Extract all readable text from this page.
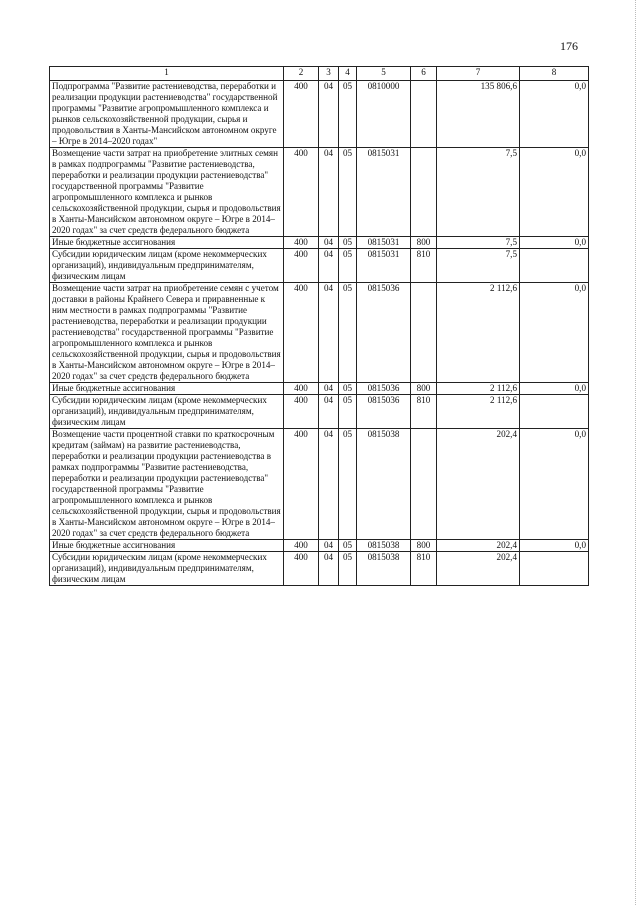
176
1	2	3	4	5	6	7	8
Подпрограмма "Развитие растениеводства, переработки и реализации продукции растениеводства" государственной программы "Развитие агропромышленного комплекса и рынков сельскохозяйственной продукции, сырья и продовольствия в Ханты-Мансийском автономном округе – Югре в 2014–2020 годах"	400	04	05	0810000		135 806,6	0,0
Возмещение части затрат на приобретение элитных семян в рамках подпрограммы "Развитие растениеводства, переработки и реализации продукции растениеводства" государственной программы "Развитие агропромышленного комплекса и рынков сельскохозяйственной продукции, сырья и продовольствия в Ханты-Мансийском автономном округе – Югре в 2014–2020 годах" за счет средств федерального бюджета	400	04	05	0815031		7,5	0,0
Иные бюджетные ассигнования	400	04	05	0815031	800	7,5	0,0
Субсидии юридическим лицам (кроме некоммерческих организаций), индивидуальным предпринимателям, физическим лицам	400	04	05	0815031	810	7,5	
Возмещение части затрат на приобретение семян с учетом доставки в районы Крайнего Севера и приравненные к ним местности в рамках подпрограммы "Развитие растениеводства, переработки и реализации продукции растениеводства" государственной программы "Развитие агропромышленного комплекса и рынков сельскохозяйственной продукции, сырья и продовольствия в Ханты-Мансийском автономном округе – Югре в 2014–2020 годах" за счет средств федерального бюджета	400	04	05	0815036		2 112,6	0,0
Иные бюджетные ассигнования	400	04	05	0815036	800	2 112,6	0,0
Субсидии юридическим лицам (кроме некоммерческих организаций), индивидуальным предпринимателям, физическим лицам	400	04	05	0815036	810	2 112,6	
Возмещение части процентной ставки по краткосрочным кредитам (займам) на развитие растениеводства, переработки и реализации продукции растениеводства в рамках подпрограммы "Развитие растениеводства, переработки и реализации продукции растениеводства" государственной программы "Развитие агропромышленного комплекса и рынков сельскохозяйственной продукции, сырья и продовольствия в Ханты-Мансийском автономном округе – Югре в 2014–2020 годах" за счет средств федерального бюджета	400	04	05	0815038		202,4	0,0
Иные бюджетные ассигнования	400	04	05	0815038	800	202,4	0,0
Субсидии юридическим лицам (кроме некоммерческих организаций), индивидуальным предпринимателям, физическим лицам	400	04	05	0815038	810	202,4	
